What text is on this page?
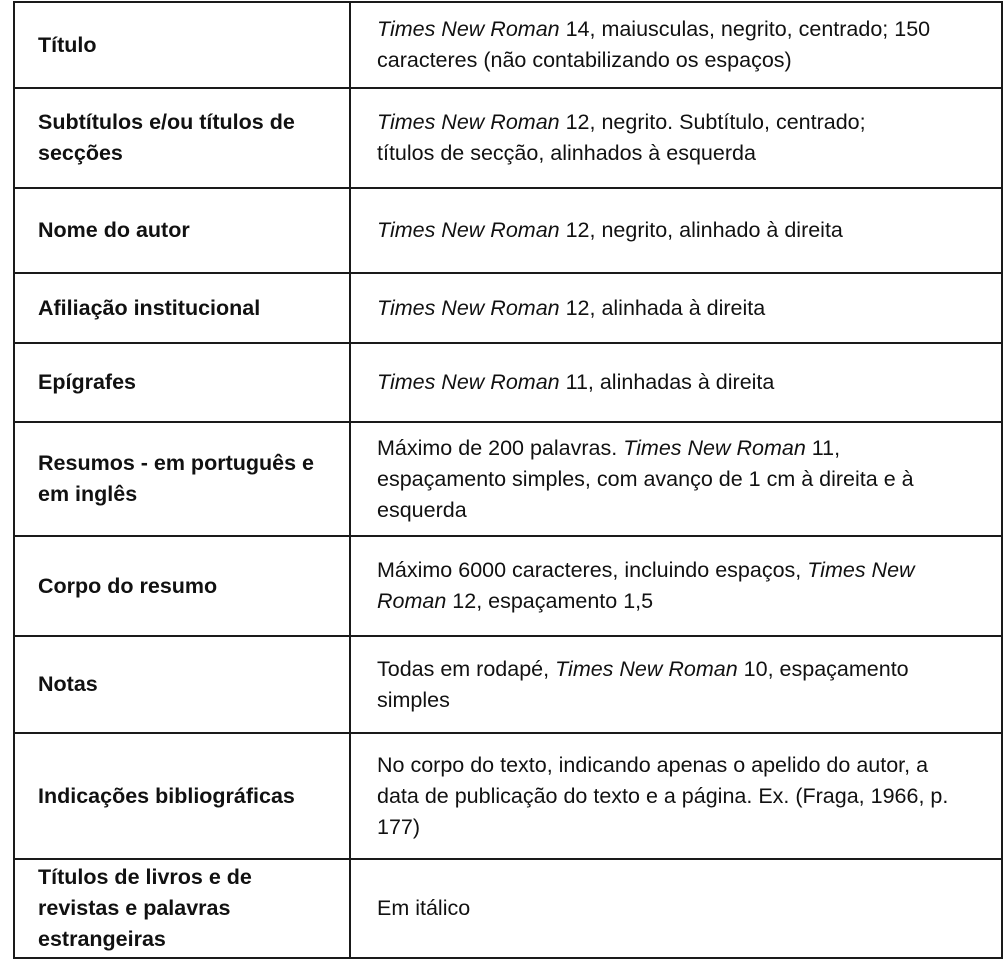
Título	Times New Roman 14, maiusculas, negrito, centrado; 150 caracteres (não contabilizando os espaços)
Subtítulos e/ou títulos de secções	Times New Roman 12, negrito. Subtítulo, centrado;
títulos de secção, alinhados à esquerda
Nome do autor	Times New Roman 12, negrito, alinhado à direita
Afiliação institucional	Times New Roman 12, alinhada à direita
Epígrafes	Times New Roman 11, alinhadas à direita
Resumos - em português e em inglês	Máximo de 200 palavras. Times New Roman 11, espaçamento simples, com avanço de 1 cm à direita e à esquerda
Corpo do resumo	Máximo 6000 caracteres, incluindo espaços, Times New Roman 12, espaçamento 1,5
Notas	Todas em rodapé, Times New Roman 10, espaçamento simples
Indicações bibliográficas	No corpo do texto, indicando apenas o apelido do autor, a data de publicação do texto e a página. Ex. (Fraga, 1966, p. 177)
Títulos de livros e de revistas e palavras estrangeiras	Em itálico
